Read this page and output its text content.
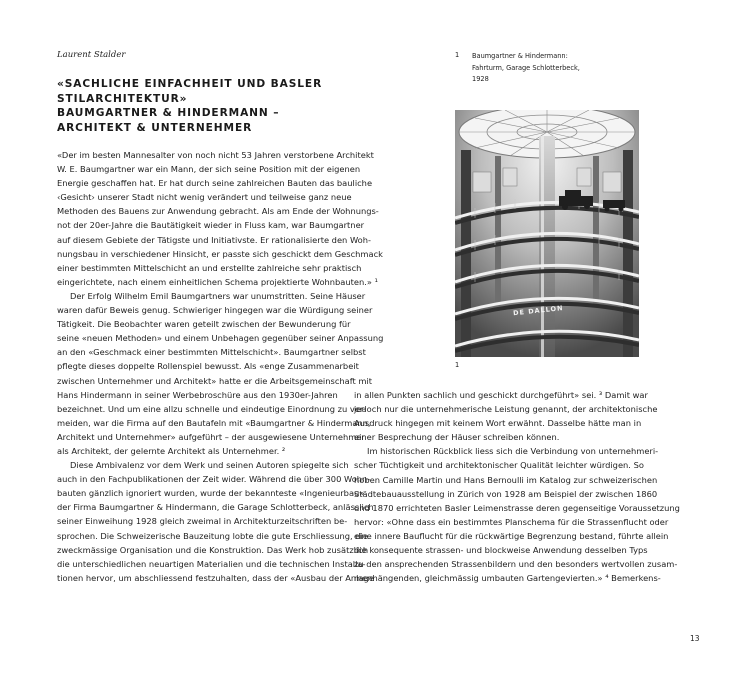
Laurent Stalder
«SACHLICHE EINFACHHEIT UND BASLER
STILARCHITEKTUR»
BAUMGARTNER & HINDERMANN –
ARCHITEKT & UNTERNEHMER
«Der im besten Mannesalter von noch nicht 53 Jahren verstorbene Architekt
W. E. Baumgartner war ein Mann, der sich seine Position mit der eigenen
Energie geschaffen hat. Er hat durch seine zahlreichen Bauten das bauliche
‹Gesicht› unserer Stadt nicht wenig verändert und teilweise ganz neue
Methoden des Bauens zur Anwendung gebracht. Als am Ende der Wohnungs-
not der 20er-Jahre die Bautätigkeit wieder in Fluss kam, war Baumgartner
auf diesem Gebiete der Tätigste und Initiativste. Er rationalisierte den Woh-
nungsbau in verschiedener Hinsicht, er passte sich geschickt dem Geschmack
einer bestimmten Mittelschicht an und erstellte zahlreiche sehr praktisch
eingerichtete, nach einem einheitlichen Schema projektierte Wohnbauten.» ¹
Der Erfolg Wilhelm Emil Baumgartners war unumstritten. Seine Häuser
waren dafür Beweis genug. Schwieriger hingegen war die Würdigung seiner
Tätigkeit. Die Beobachter waren geteilt zwischen der Bewunderung für
seine «neuen Methoden» und einem Unbehagen gegenüber seiner Anpassung
an den «Geschmack einer bestimmten Mittelschicht». Baumgartner selbst
pflegte dieses doppelte Rollenspiel bewusst. Als «enge Zusammenarbeit
zwischen Unternehmer und Architekt» hatte er die Arbeitsgemeinschaft mit
Hans Hindermann in seiner Werbebroschüre aus den 1930er-Jahren
bezeichnet. Und um eine allzu schnelle und eindeutige Einordnung zu ver-
meiden, war die Firma auf den Bautafeln mit «Baumgartner & Hindermann,
Architekt und Unternehmer» aufgeführt – der ausgewiesene Unternehmer
als Architekt, der gelernte Architekt als Unternehmer. ²
Diese Ambivalenz vor dem Werk und seinen Autoren spiegelte sich
auch in den Fachpublikationen der Zeit wider. Während die über 300 Wohn-
bauten gänzlich ignoriert wurden, wurde der bekannteste «Ingenieurbau»
der Firma Baumgartner & Hindermann, die Garage Schlotterbeck, anlässlich
seiner Einweihung 1928 gleich zweimal in Architekturzeitschriften be-
sprochen. Die Schweizerische Bauzeitung lobte die gute Erschliessung, die
zweckmässige Organisation und die Konstruktion. Das Werk hob zusätzlich
die unterschiedlichen neuartigen Materialien und die technischen Installa-
tionen hervor, um abschliessend festzuhalten, dass der «Ausbau der Anlage
in allen Punkten sachlich und geschickt durchgeführt» sei. ³ Damit war
jedoch nur die unternehmerische Leistung genannt, der architektonische
Ausdruck hingegen mit keinem Wort erwähnt. Dasselbe hätte man in
einer Besprechung der Häuser schreiben können.
Im historischen Rückblick liess sich die Verbindung von unternehmeri-
scher Tüchtigkeit und architektonischer Qualität leichter würdigen. So
hoben Camille Martin und Hans Bernoulli im Katalog zur schweizerischen
Städtebauausstellung in Zürich von 1928 am Beispiel der zwischen 1860
und 1870 errichteten Basler Leimenstrasse deren gegenseitige Voraussetzung
hervor: «Ohne dass ein bestimmtes Planschema für die Strassenflucht oder
eine innere Bauflucht für die rückwärtige Begrenzung bestand, führte allein
die konsequente strassen- und blockweise Anwendung desselben Typs
zu den ansprechenden Strassenbildern und den besonders wertvollen zusam-
menhängenden, gleichmässig umbauten Gartengevierten.» ⁴ Bemerkens-
1 Baumgartner & Hindermann:
Fahrturm, Garage Schlotterbeck,
1928
DE DALLON
1
13
